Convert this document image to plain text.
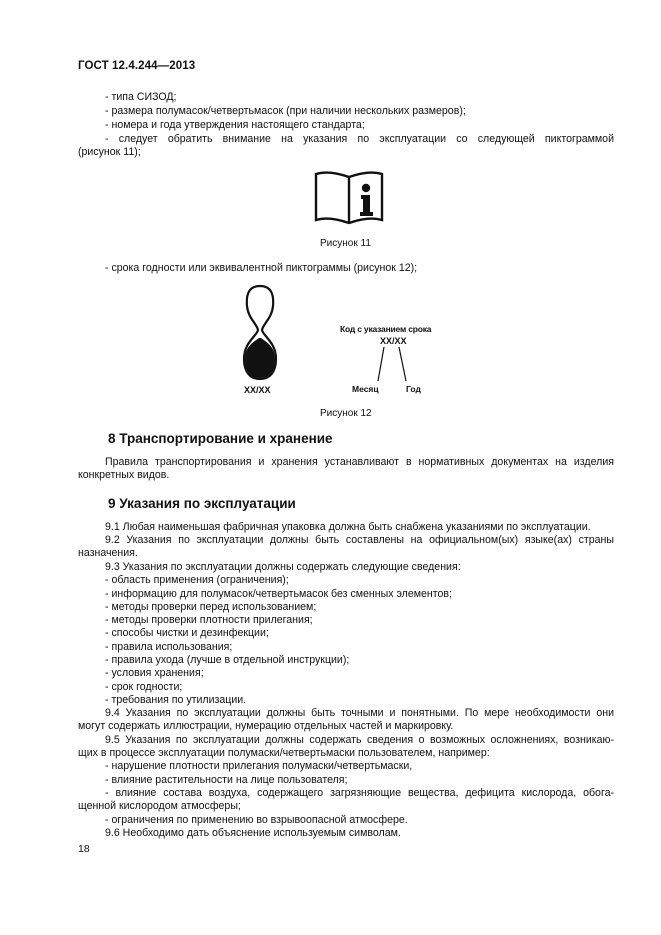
ГОСТ 12.4.244—2013
- типа СИЗОД;
- размера полумасок/четвертьмасок (при наличии нескольких размеров);
- номера и года утверждения настоящего стандарта;
- следует обратить внимание на указания по эксплуатации со следующей пиктограммой
(рисунок 11);
Рисунок 11
- срока годности или эквивалентной пиктограммы (рисунок 12);
XX/XX
Код с указанием срока
XX/XX
Месяц	Год
Рисунок 12
8 Транспортирование и хранение
Правила транспортирования и хранения устанавливают в нормативных документах на изделия
конкретных видов.
9 Указания по эксплуатации
9.1 Любая наименьшая фабричная упаковка должна быть снабжена указаниями по эксплуатации.
9.2 Указания по эксплуатации должны быть составлены на официальном(ых) языке(ах) страны
назначения.
9.3 Указания по эксплуатации должны содержать следующие сведения:
- область применения (ограничения);
- информацию для полумасок/четвертьмасок без сменных элементов;
- методы проверки перед использованием;
- методы проверки плотности прилегания;
- способы чистки и дезинфекции;
- правила использования;
- правила ухода (лучше в отдельной инструкции);
- условия хранения;
- срок годности;
- требования по утилизации.
9.4 Указания по эксплуатации должны быть точными и понятными. По мере необходимости они
могут содержать иллюстрации, нумерацию отдельных частей и маркировку.
9.5 Указания по эксплуатации должны содержать сведения о возможных осложнениях, возникаю-
щих в процессе эксплуатации полумаски/четвертьмаски пользователем, например:
- нарушение плотности прилегания полумаски/четвертьмаски,
- влияние растительности на лице пользователя;
- влияние состава воздуха, содержащего загрязняющие вещества, дефицита кислорода, обога-
щенной кислородом атмосферы;
- ограничения по применению во взрывоопасной атмосфере.
9.6 Необходимо дать объяснение используемым символам.
18
